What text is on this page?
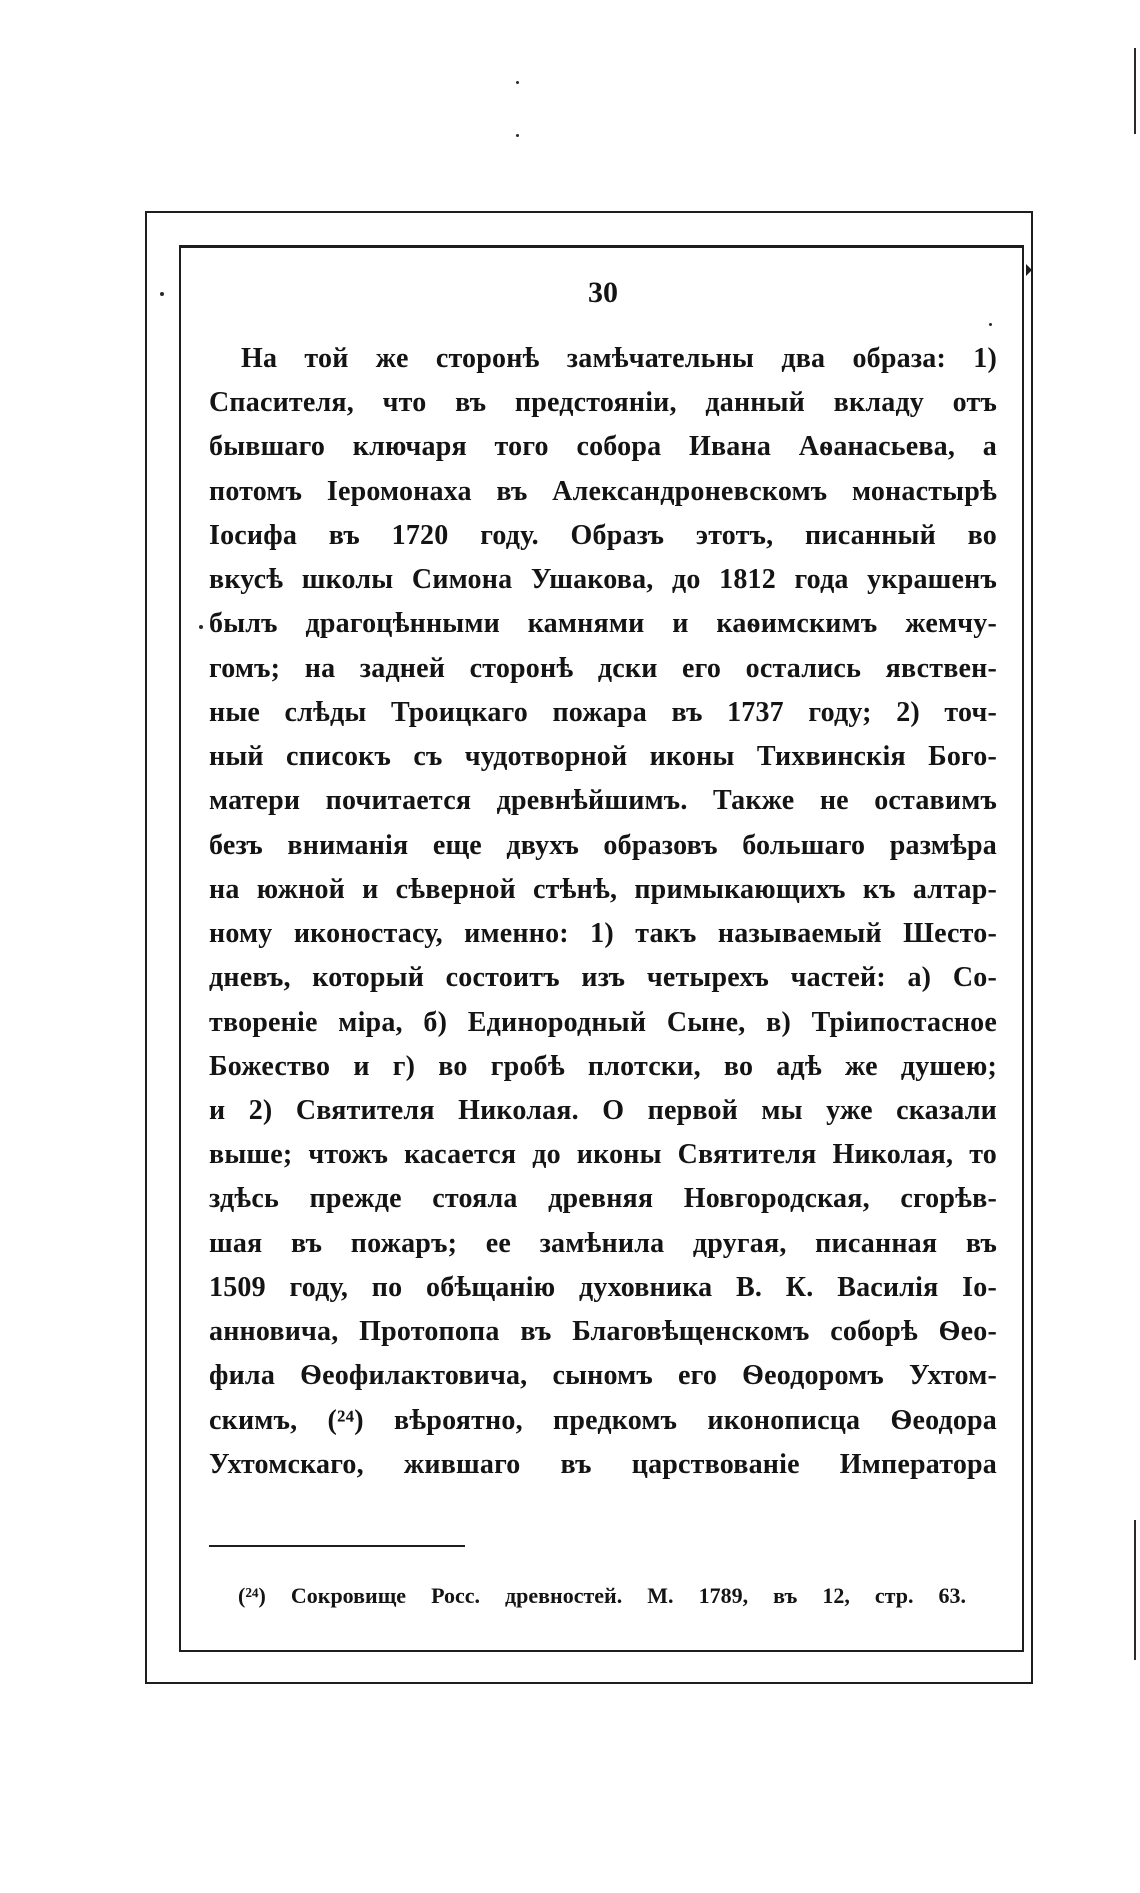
30
На той же сторонѣ замѣчательны два образа: 1)
Спасителя, что въ предстояніи, данный вкладу отъ
бывшаго ключаря того собора Ивана Аѳанасьева, а
потомъ Іеромонаха въ Александроневскомъ монастырѣ
Іосифа въ 1720 году. Образъ этотъ, писанный во
вкусѣ школы Симона Ушакова, до 1812 года украшенъ
былъ драгоцѣнными камнями и каѳимскимъ жемчу-
гомъ; на задней сторонѣ дски его остались явствен-
ные слѣды Троицкаго пожара въ 1737 году; 2) точ-
ный списокъ съ чудотворной иконы Тихвинскія Бого-
матери почитается древнѣйшимъ. Также не оставимъ
безъ вниманія еще двухъ образовъ большаго размѣра
на южной и сѣверной стѣнѣ, примыкающихъ къ алтар-
ному иконостасу, именно: 1) такъ называемый Шесто-
дневъ, который состоитъ изъ четырехъ частей: а) Со-
твореніе міра, б) Единородный Сыне, в) Тріипостасное
Божество и г) во гробѣ плотски, во адѣ же душею;
и 2) Святителя Николая. О первой мы уже сказали
выше; чтожъ касается до иконы Святителя Николая, то
здѣсь прежде стояла древняя Новгородская, сгорѣв-
шая въ пожаръ; ее замѣнила другая, писанная въ
1509 году, по обѣщанію духовника В. К. Василія Іо-
анновича, Протопопа въ Благовѣщенскомъ соборѣ Ѳео-
фила Ѳеофилактовича, сыномъ его Ѳеодоромъ Ухтом-
скимъ, (²⁴) вѣроятно, предкомъ иконописца Ѳеодора
Ухтомскаго, жившаго въ царствованіе Императора
(²⁴) Сокровище Росс. древностей. М. 1789, въ 12, стр. 63.
